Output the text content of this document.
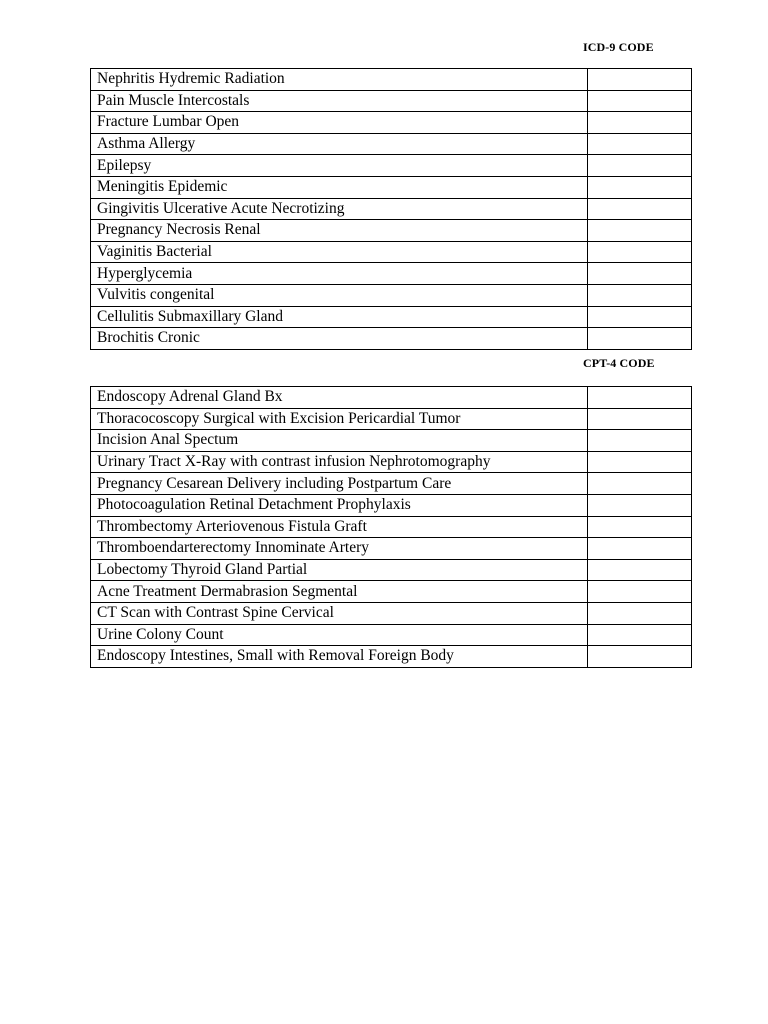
ICD-9 CODE
Nephritis Hydremic Radiation	
Pain Muscle Intercostals	
Fracture Lumbar Open	
Asthma Allergy	
Epilepsy	
Meningitis Epidemic	
Gingivitis Ulcerative Acute Necrotizing	
Pregnancy Necrosis Renal	
Vaginitis Bacterial	
Hyperglycemia	
Vulvitis congenital	
Cellulitis Submaxillary Gland	
Brochitis Cronic	
CPT-4 CODE
Endoscopy Adrenal Gland Bx	
Thoracocoscopy Surgical with Excision Pericardial Tumor	
Incision Anal Spectum	
Urinary Tract X-Ray with contrast infusion Nephrotomography	
Pregnancy Cesarean Delivery including Postpartum Care	
Photocoagulation Retinal Detachment Prophylaxis	
Thrombectomy Arteriovenous Fistula Graft	
Thromboendarterectomy Innominate Artery	
Lobectomy Thyroid Gland Partial	
Acne Treatment Dermabrasion Segmental	
CT Scan with Contrast Spine Cervical	
Urine Colony Count	
Endoscopy Intestines, Small with Removal Foreign Body	
